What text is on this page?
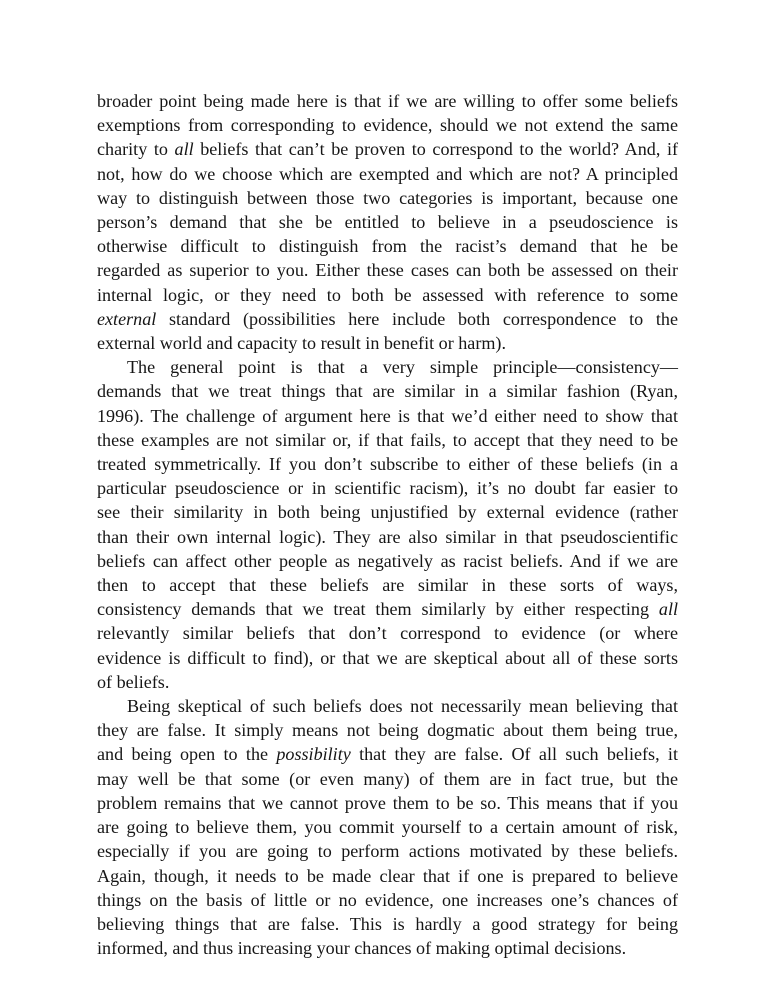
broader point being made here is that if we are willing to offer some beliefs
exemptions from corresponding to evidence, should we not extend the same
charity to all beliefs that can’t be proven to correspond to the world? And, if
not, how do we choose which are exempted and which are not? A principled
way to distinguish between those two categories is important, because one
person’s demand that she be entitled to believe in a pseudoscience is
otherwise difficult to distinguish from the racist’s demand that he be
regarded as superior to you. Either these cases can both be assessed on their
internal logic, or they need to both be assessed with reference to some
external standard (possibilities here include both correspondence to the
external world and capacity to result in benefit or harm).
The general point is that a very simple principle—consistency—
demands that we treat things that are similar in a similar fashion (Ryan,
1996). The challenge of argument here is that we’d either need to show that
these examples are not similar or, if that fails, to accept that they need to be
treated symmetrically. If you don’t subscribe to either of these beliefs (in a
particular pseudoscience or in scientific racism), it’s no doubt far easier to
see their similarity in both being unjustified by external evidence (rather
than their own internal logic). They are also similar in that pseudoscientific
beliefs can affect other people as negatively as racist beliefs. And if we are
then to accept that these beliefs are similar in these sorts of ways,
consistency demands that we treat them similarly by either respecting all
relevantly similar beliefs that don’t correspond to evidence (or where
evidence is difficult to find), or that we are skeptical about all of these sorts
of beliefs.
Being skeptical of such beliefs does not necessarily mean believing that
they are false. It simply means not being dogmatic about them being true,
and being open to the possibility that they are false. Of all such beliefs, it
may well be that some (or even many) of them are in fact true, but the
problem remains that we cannot prove them to be so. This means that if you
are going to believe them, you commit yourself to a certain amount of risk,
especially if you are going to perform actions motivated by these beliefs.
Again, though, it needs to be made clear that if one is prepared to believe
things on the basis of little or no evidence, one increases one’s chances of
believing things that are false. This is hardly a good strategy for being
informed, and thus increasing your chances of making optimal decisions.
